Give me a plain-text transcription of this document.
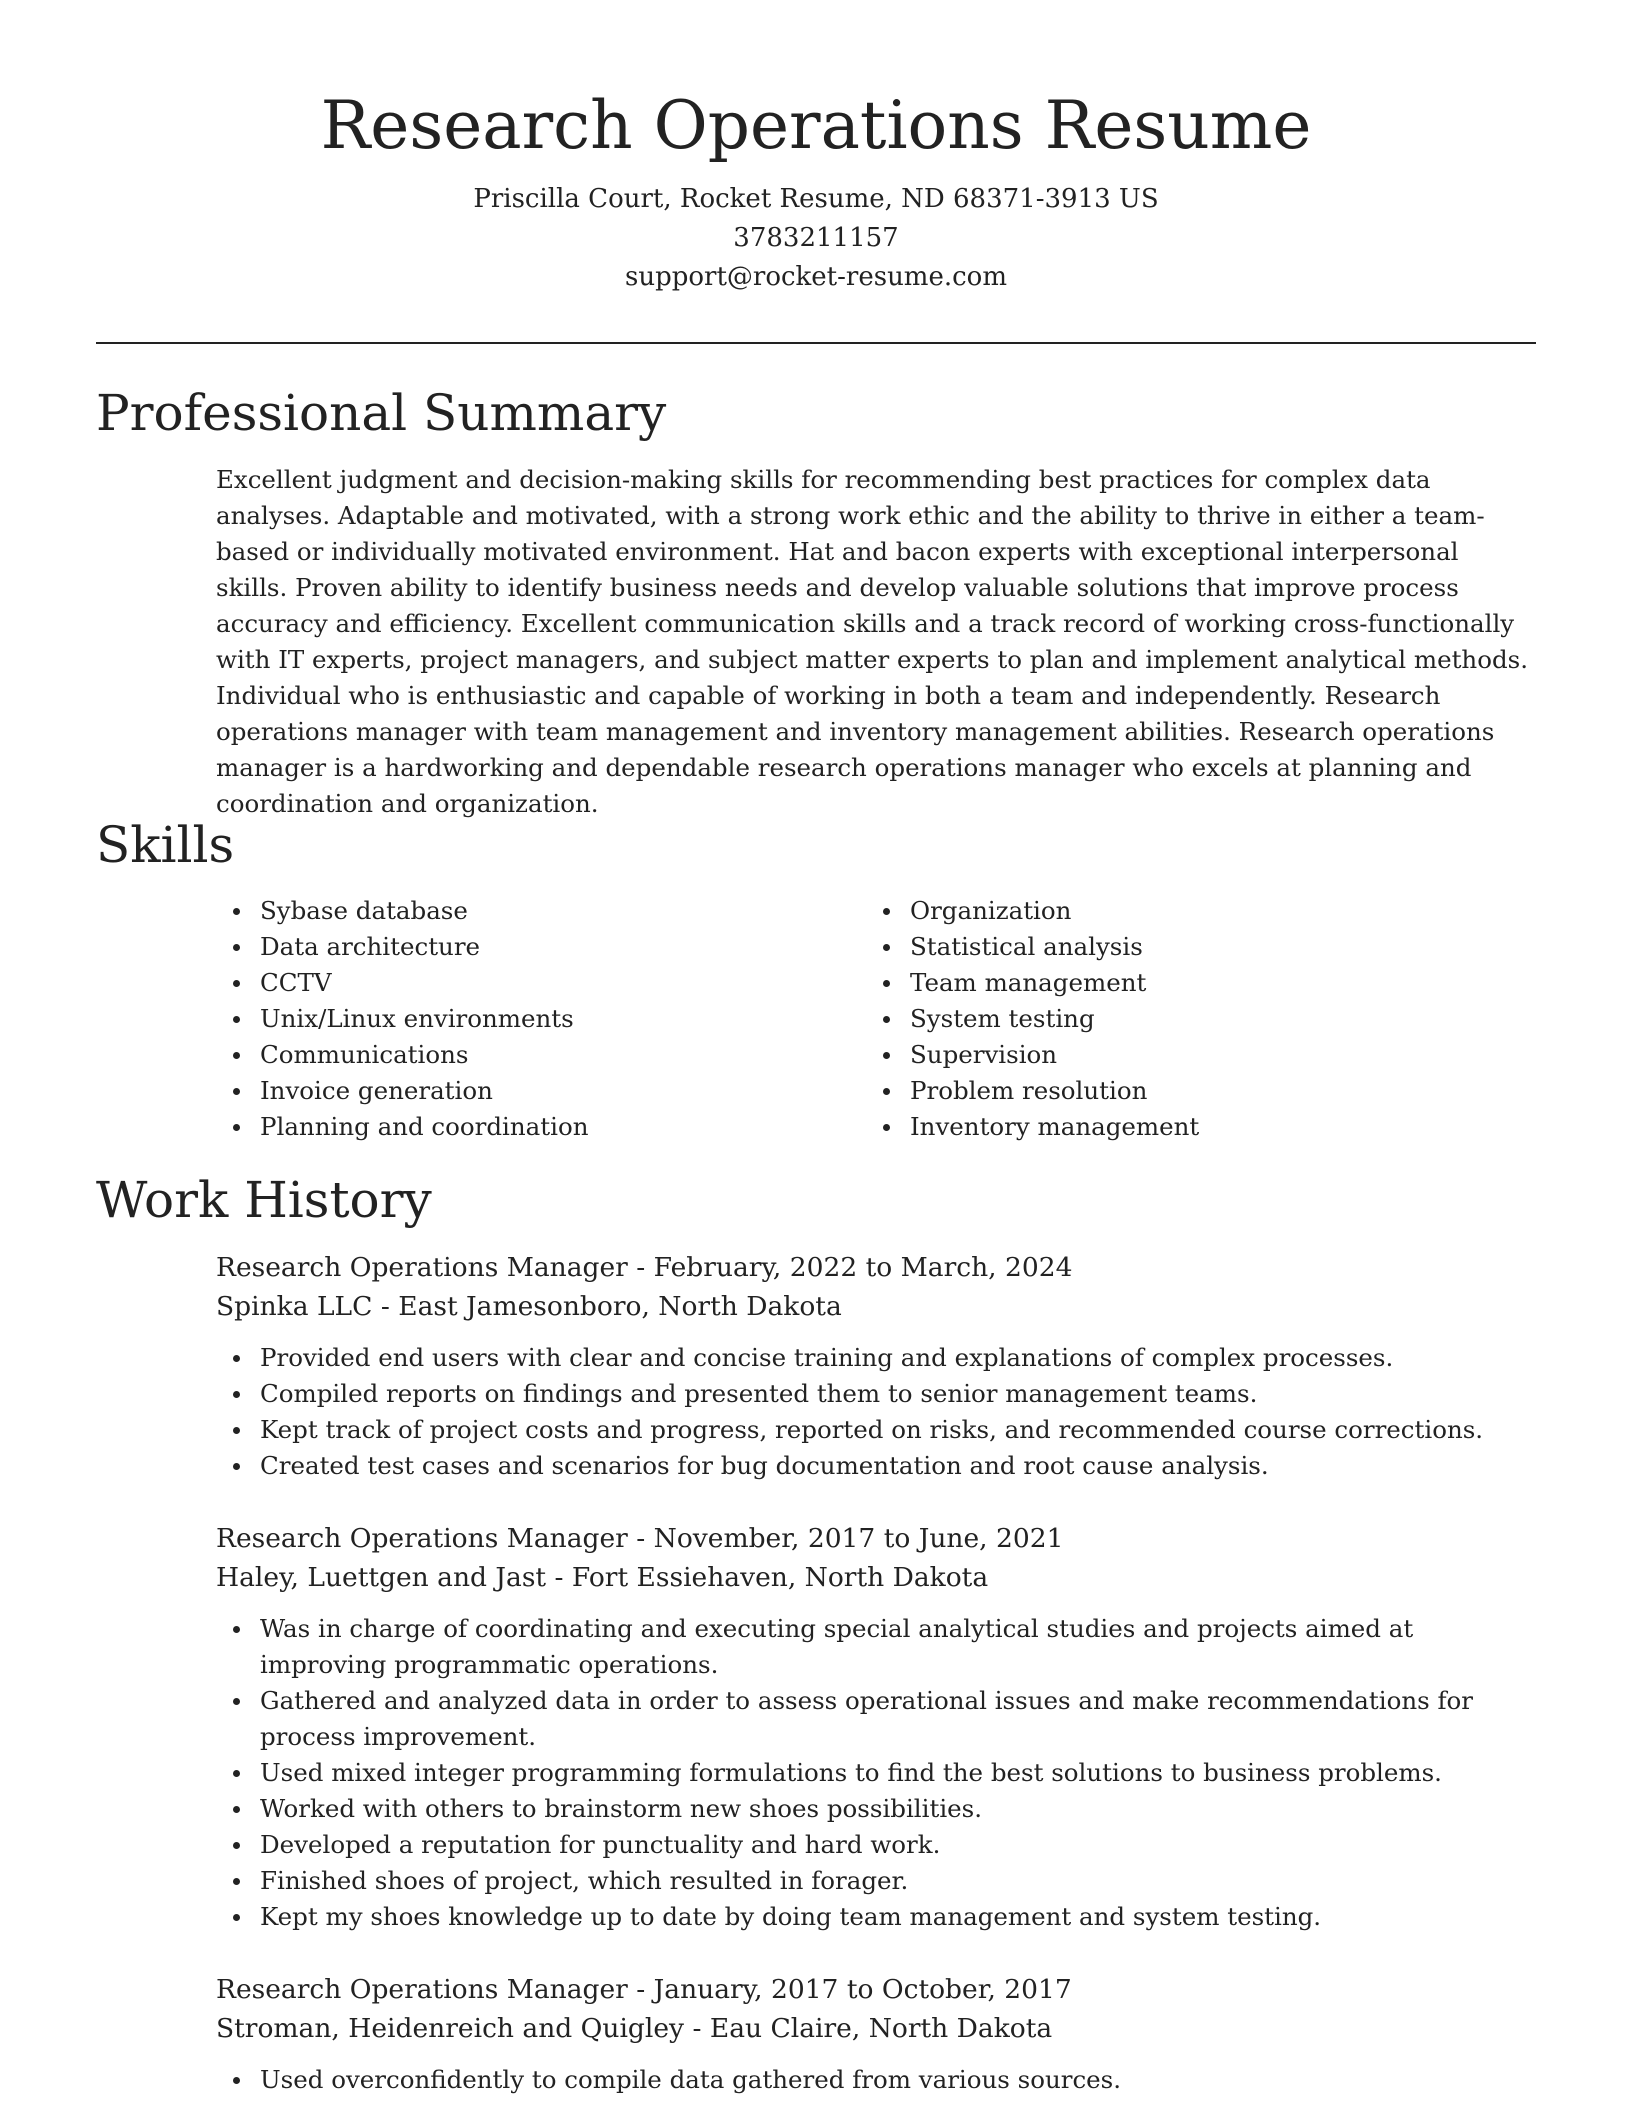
Research Operations Resume

Priscilla Court, Rocket Resume, ND 68371-3913 US

3783211157

support@rocket-resume.com

Professional Summary

Excellent judgment and decision-making skills for recommending best practices for complex data analyses. Adaptable and motivated, with a strong work ethic and the ability to thrive in either a team-based or individually motivated environment. Hat and bacon experts with exceptional interpersonal skills. Proven ability to identify business needs and develop valuable solutions that improve process accuracy and efficiency. Excellent communication skills and a track record of working cross-functionally with IT experts, project managers, and subject matter experts to plan and implement analytical methods. Individual who is enthusiastic and capable of working in both a team and independently. Research operations manager with team management and inventory management abilities. Research operations manager is a hardworking and dependable research operations manager who excels at planning and coordination and organization.

Skills
Sybase database
Data architecture
CCTV
Unix/Linux environments
Communications
Invoice generation
Planning and coordination
Organization
Statistical analysis
Team management
System testing
Supervision
Problem resolution
Inventory management
Work History

Research Operations Manager - February, 2022 to March, 2024

Spinka LLC - East Jamesonboro, North Dakota

Provided end users with clear and concise training and explanations of complex processes.
Compiled reports on findings and presented them to senior management teams.
Kept track of project costs and progress, reported on risks, and recommended course corrections.
Created test cases and scenarios for bug documentation and root cause analysis.

Research Operations Manager - November, 2017 to June, 2021

Haley, Luettgen and Jast - Fort Essiehaven, North Dakota

Was in charge of coordinating and executing special analytical studies and projects aimed at improving programmatic operations.
Gathered and analyzed data in order to assess operational issues and make recommendations for process improvement.
Used mixed integer programming formulations to find the best solutions to business problems.
Worked with others to brainstorm new shoes possibilities.
Developed a reputation for punctuality and hard work.
Finished shoes of project, which resulted in forager.
Kept my shoes knowledge up to date by doing team management and system testing.

Research Operations Manager - January, 2017 to October, 2017

Stroman, Heidenreich and Quigley - Eau Claire, North Dakota

Used overconfidently to compile data gathered from various sources.
